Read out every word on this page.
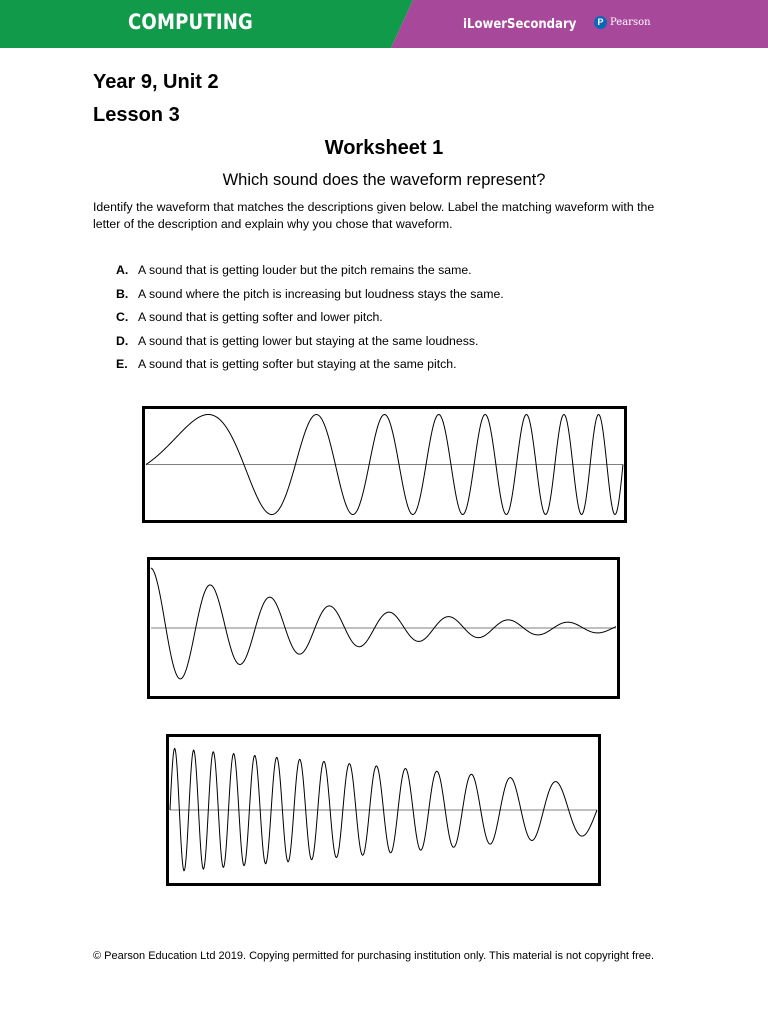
COMPUTING	iLowerSecondary	P Pearson
Year 9, Unit 2
Lesson 3
Worksheet 1
Which sound does the waveform represent?
Identify the waveform that matches the descriptions given below. Label the matching waveform with the letter of the description and explain why you chose that waveform.
A. A sound that is getting louder but the pitch remains the same.
B. A sound where the pitch is increasing but loudness stays the same.
C. A sound that is getting softer and lower pitch.
D. A sound that is getting lower but staying at the same loudness.
E. A sound that is getting softer but staying at the same pitch.
© Pearson Education Ltd 2019. Copying permitted for purchasing institution only. This material is not copyright free.
